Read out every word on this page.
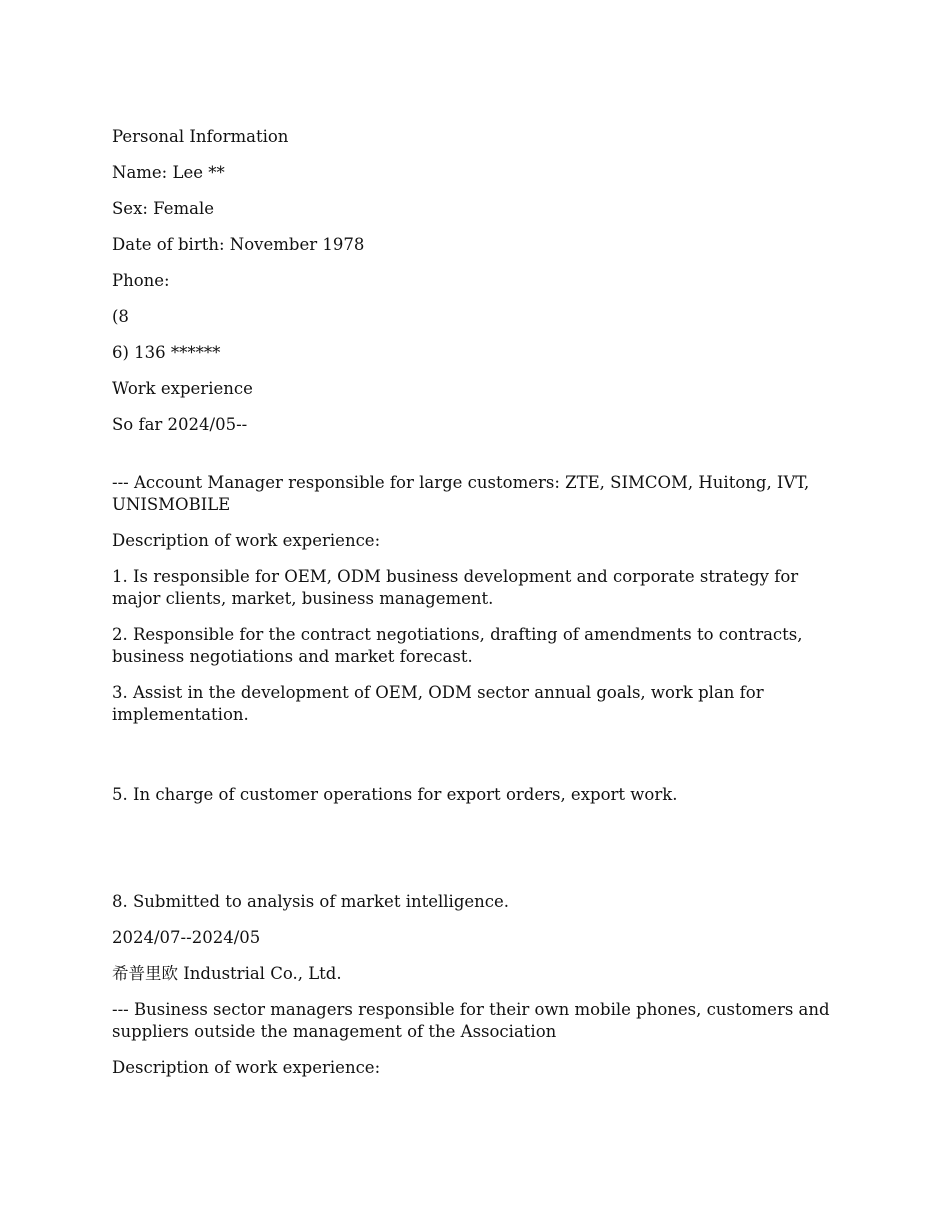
Personal Information

Name: Lee **

Sex: Female

Date of birth: November 1978

Phone:

(8

6) 136 ******

Work experience

So far 2024/05--

--- Account Manager responsible for large customers: ZTE, SIMCOM, Huitong, IVT, UNISMOBILE

Description of work experience:

1. Is responsible for OEM, ODM business development and corporate strategy for major clients, market, business management.

2. Responsible for the contract negotiations, drafting of amendments to contracts, business negotiations and market forecast.

3. Assist in the development of OEM, ODM sector annual goals, work plan for implementation.

5. In charge of customer operations for export orders, export work.

8. Submitted to analysis of market intelligence.

2024/07--2024/05

希普里欧 Industrial Co., Ltd.

--- Business sector managers responsible for their own mobile phones, customers and suppliers outside the management of the Association

Description of work experience:
